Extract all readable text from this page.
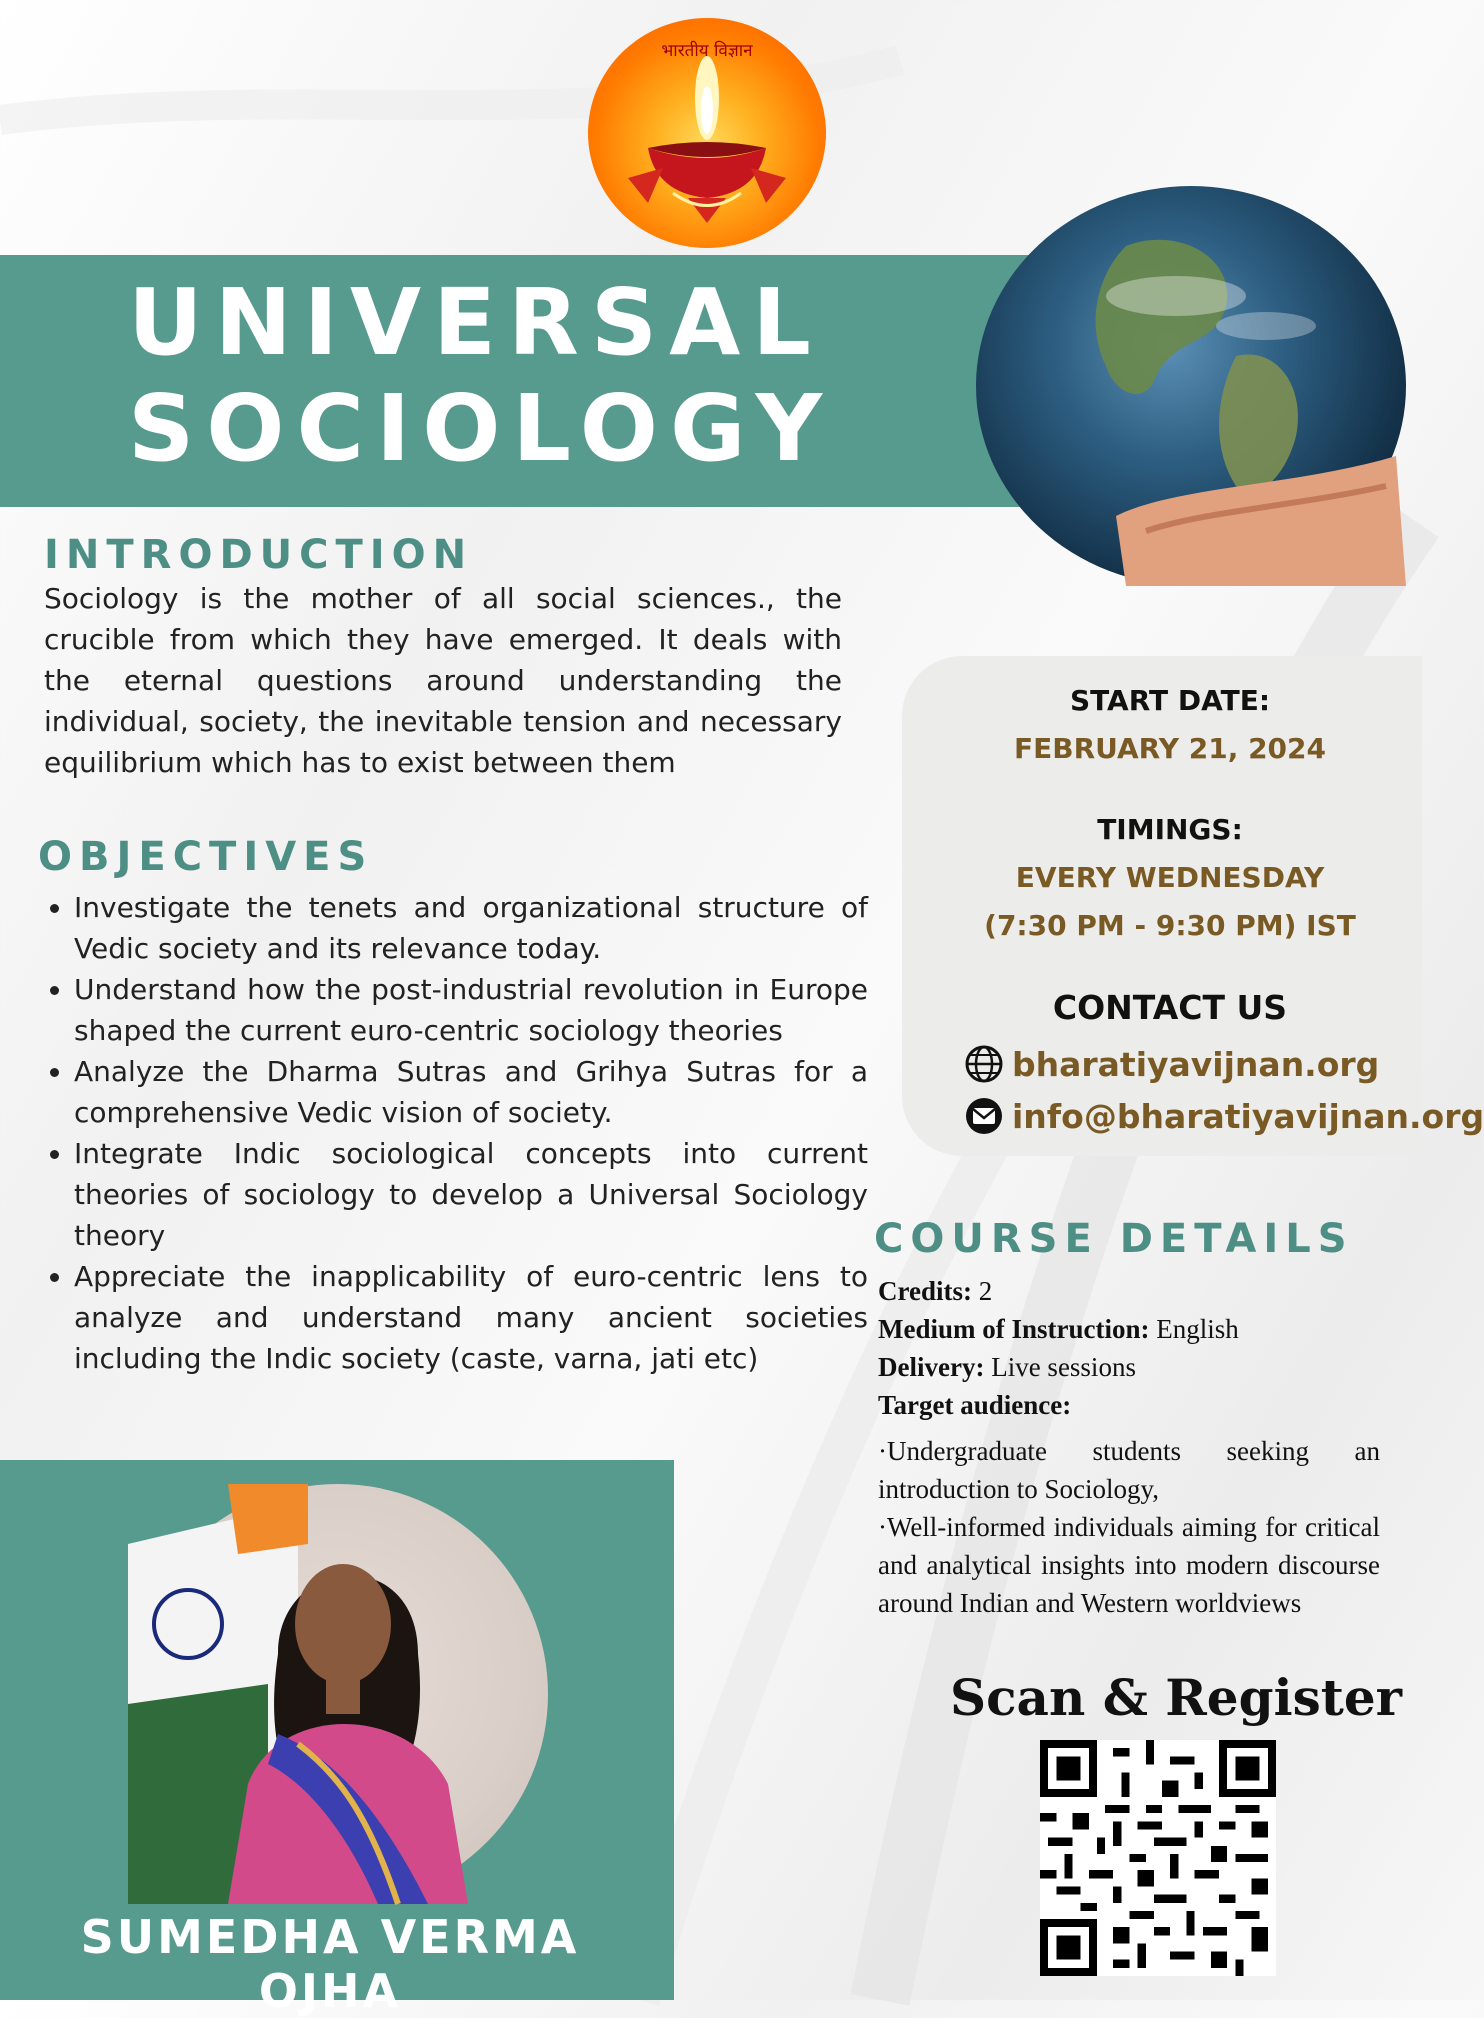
भारतीय विज्ञान
UNIVERSAL
SOCIOLOGY
INTRODUCTION
Sociology is the mother of all social sciences., the crucible from which they have emerged. It deals with the eternal questions around understanding the individual, society, the inevitable tension and necessary equilibrium which has to exist between them
OBJECTIVES
• Investigate the tenets and organizational structure of Vedic society and its relevance today.
• Understand how the post-industrial revolution in Europe shaped the current euro-centric sociology theories
• Analyze the Dharma Sutras and Grihya Sutras for a comprehensive Vedic vision of society.
• Integrate Indic sociological concepts into current theories of sociology to develop a Universal Sociology theory
• Appreciate the inapplicability of euro-centric lens to analyze and understand many ancient societies including the Indic society (caste, varna, jati etc)
START DATE:
FEBRUARY 21, 2024
TIMINGS:
EVERY WEDNESDAY
(7:30 PM - 9:30 PM) IST
CONTACT US
bharatiyavijnan.org
info@bharatiyavijnan.org
COURSE DETAILS
Credits: 2
Medium of Instruction: English
Delivery: Live sessions
Target audience:

·Undergraduate students seeking an introduction to Sociology,

·Well-informed individuals aiming for critical and analytical insights into modern discourse around Indian and Western worldviews

Scan & Register
SUMEDHA VERMA OJHA
